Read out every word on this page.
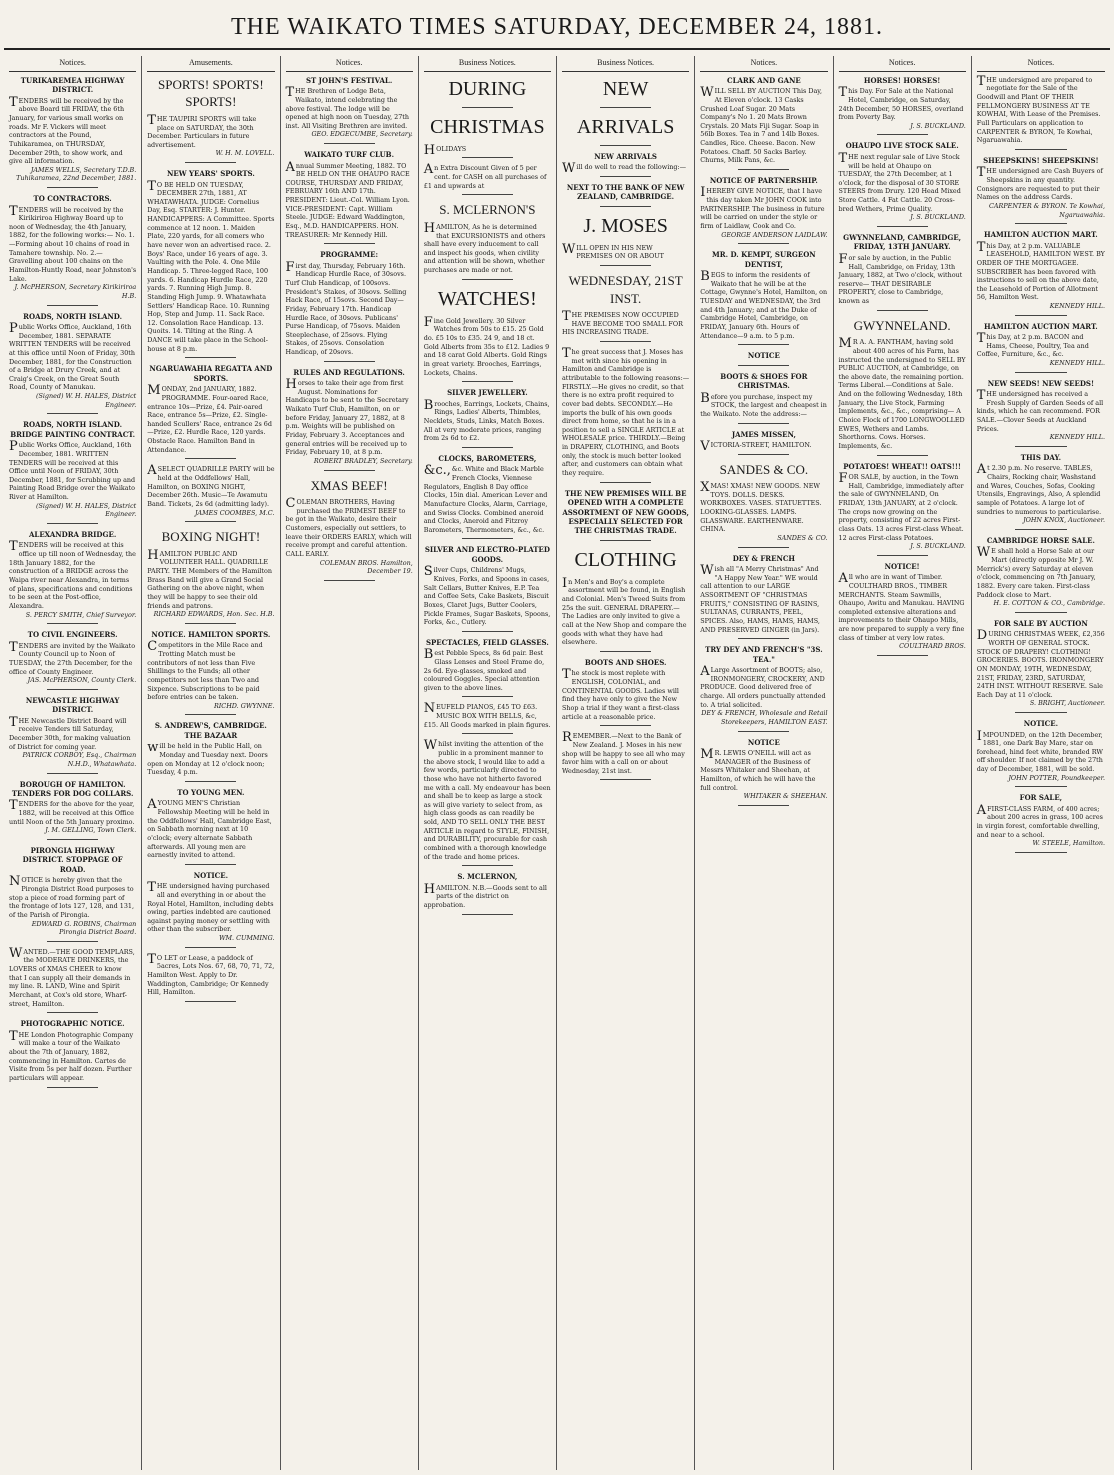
THE WAIKATO TIMES SATURDAY, DECEMBER 24, 1881.
Notices.
TURIKAREMEA HIGHWAY DISTRICT.
TENDERS will be received by the above Board till FRIDAY, the 6th January, for various small works on roads. Mr F. Vickers will meet contractors at the Pound, Tuhikaramea, on THURSDAY, December 29th, to show work, and give all information.
JAMES WELLS, Secretary T.D.B. Tuhikaramea, 22nd December, 1881.
TO CONTRACTORS.
TENDERS will be received by the Kirikiriroa Highway Board up to noon of Wednesday, the 4th January, 1882, for the following works:— No. 1.—Forming about 10 chains of road in Tamahere township. No. 2.—Gravelling about 100 chains on the Hamilton-Huntly Road, near Johnston's Lake.
J. McPHERSON, Secretary Kirikiriroa H.B.
ROADS, NORTH ISLAND.
Public Works Office, Auckland, 16th December, 1881. SEPARATE WRITTEN TENDERS will be received at this office until Noon of Friday, 30th December, 1881, for the Construction of a Bridge at Drury Creek, and at Craig's Creek, on the Great South Road, County of Manukau.
(Signed) W. H. HALES, District Engineer.
ROADS, NORTH ISLAND. BRIDGE PAINTING CONTRACT.
Public Works Office, Auckland, 16th December, 1881. WRITTEN TENDERS will be received at this Office until Noon of FRIDAY, 30th December, 1881, for Scrubbing up and Painting Road Bridge over the Waikato River at Hamilton.
(Signed) W. H. HALES, District Engineer.
ALEXANDRA BRIDGE.
TENDERS will be received at this office up till noon of Wednesday, the 18th January 1882, for the construction of a BRIDGE across the Waipa river near Alexandra, in terms of plans, specifications and conditions to be seen at the Post-office, Alexandra.
S. PERCY SMITH, Chief Surveyor.
TO CIVIL ENGINEERS.
TENDERS are invited by the Waikato County Council up to Noon of TUESDAY, the 27th December, for the office of County Engineer.
JAS. McPHERSON, County Clerk.
NEWCASTLE HIGHWAY DISTRICT.
THE Newcastle District Board will receive Tenders till Saturday, December 30th, for making valuation of District for coming year.
PATRICK CORBOY, Esq., Chairman N.H.D., Whatawhata.
BOROUGH OF HAMILTON. TENDERS FOR DOG COLLARS.
TENDERS for the above for the year, 1882, will be received at this Office until Noon of the 5th January proximo.
J. M. GELLING, Town Clerk.
PIRONGIA HIGHWAY DISTRICT. STOPPAGE OF ROAD.
NOTICE is hereby given that the Pirongia District Road purposes to stop a piece of road forming part of the frontage of lots 127, 128, and 131, of the Parish of Pirongia.
EDWARD G. ROBINS, Chairman Pirongia District Board.
WANTED.—THE GOOD TEMPLARS, the MODERATE DRINKERS, the LOVERS of XMAS CHEER to know that I can supply all their demands in my line. R. LAND, Wine and Spirit Merchant, at Cox's old store, Wharf-street, Hamilton.
PHOTOGRAPHIC NOTICE.
THE London Photographic Company will make a tour of the Waikato about the 7th of January, 1882, commencing in Hamilton. Cartes de Visite from 5s per half dozen. Further particulars will appear.
Amusements.
SPORTS! SPORTS! SPORTS!
THE TAUPIRI SPORTS will take place on SATURDAY, the 30th December. Particulars in future advertisement.
W. H. M. LOVELL.
NEW YEARS' SPORTS.
TO BE HELD ON TUESDAY, DECEMBER 27th, 1881, AT WHATAWHATA. JUDGE: Cornelius Day, Esq. STARTER: J. Hunter. HANDICAPPERS: A Committee. Sports commence at 12 noon. 1. Maiden Plate, 220 yards, for all comers who have never won an advertised race. 2. Boys' Race, under 16 years of age. 3. Vaulting with the Pole. 4. One Mile Handicap. 5. Three-legged Race, 100 yards. 6. Handicap Hurdle Race, 220 yards. 7. Running High Jump. 8. Standing High Jump. 9. Whatawhata Settlers' Handicap Race. 10. Running Hop, Step and Jump. 11. Sack Race. 12. Consolation Race Handicap. 13. Quoits. 14. Tilting at the Ring. A DANCE will take place in the School-house at 8 p.m.
NGARUAWAHIA REGATTA AND SPORTS.
MONDAY, 2nd JANUARY, 1882. PROGRAMME. Four-oared Race, entrance 10s—Prize, £4. Pair-oared Race, entrance 5s—Prize, £2. Single-handed Scullers' Race, entrance 2s 6d—Prize, £2. Hurdle Race, 120 yards. Obstacle Race. Hamilton Band in Attendance.
ASELECT QUADRILLE PARTY will be held at the Oddfellows' Hall, Hamilton, on BOXING NIGHT, December 26th. Music—Te Awamutu Band. Tickets, 2s 6d (admitting lady).
JAMES COOMBES, M.C.
BOXING NIGHT!
HAMILTON PUBLIC AND VOLUNTEER HALL. QUADRILLE PARTY. THE Members of the Hamilton Brass Band will give a Grand Social Gathering on the above night, when they will be happy to see their old friends and patrons.
RICHARD EDWARDS, Hon. Sec. H.B.
NOTICE. HAMILTON SPORTS.
Competitors in the Mile Race and Trotting Match must be contributors of not less than Five Shillings to the Funds; all other competitors not less than Two and Sixpence. Subscriptions to be paid before entries can be taken.
RICHD. GWYNNE.
S. ANDREW'S, CAMBRIDGE. THE BAZAAR
will be held in the Public Hall, on Monday and Tuesday next. Doors open on Monday at 12 o'clock noon; Tuesday, 4 p.m.
TO YOUNG MEN.
AYOUNG MEN'S Christian Fellowship Meeting will be held in the Oddfellows' Hall, Cambridge East, on Sabbath morning next at 10 o'clock; every alternate Sabbath afterwards. All young men are earnestly invited to attend.
NOTICE.
THE undersigned having purchased all and everything in or about the Royal Hotel, Hamilton, including debts owing, parties indebted are cautioned against paying money or settling with other than the subscriber.
WM. CUMMING.
TO LET or Lease, a paddock of 5acres, Lots Nos. 67, 68, 70, 71, 72, Hamilton West. Apply to Dr. Waddington, Cambridge; Or Kennedy Hill, Hamilton.
Notices.
ST JOHN'S FESTIVAL.
THE Brethren of Lodge Beta, Waikato, intend celebrating the above festival. The lodge will be opened at high noon on Tuesday, 27th inst. All Visiting Brethren are invited.
GEO. EDGECUMBE, Secretary.
WAIKATO TURF CLUB.
Annual Summer Meeting, 1882. TO BE HELD ON THE OHAUPO RACE COURSE, THURSDAY AND FRIDAY, FEBRUARY 16th AND 17th. PRESIDENT: Lieut.-Col. William Lyon. VICE-PRESIDENT: Capt. William Steele. JUDGE: Edward Waddington, Esq., M.D. HANDICAPPERS. HON. TREASURER: Mr Kennedy Hill.
PROGRAMME:
First day, Thursday, February 16th. Handicap Hurdle Race, of 30sovs. Turf Club Handicap, of 100sovs. President's Stakes, of 30sovs. Selling Hack Race, of 15sovs. Second Day—Friday, February 17th. Handicap Hurdle Race, of 30sovs. Publicans' Purse Handicap, of 75sovs. Maiden Steeplechase, of 25sovs. Flying Stakes, of 25sovs. Consolation Handicap, of 20sovs.
RULES AND REGULATIONS.
Horses to take their age from first August. Nominations for Handicaps to be sent to the Secretary Waikato Turf Club, Hamilton, on or before Friday, January 27, 1882, at 8 p.m. Weights will be published on Friday, February 3. Acceptances and general entries will be received up to Friday, February 10, at 8 p.m.
ROBERT BRADLEY, Secretary.
XMAS BEEF!
COLEMAN BROTHERS, Having purchased the PRIMEST BEEF to be got in the Waikato, desire their Customers, especially out settlers, to leave their ORDERS EARLY, which will receive prompt and careful attention. CALL EARLY.
COLEMAN BROS. Hamilton, December 19.
Business Notices.
DURING
CHRISTMAS
HOLIDAYS
An Extra Discount Given of 5 per cent. for CASH on all purchases of £1 and upwards at
S. MCLERNON'S
HAMILTON, As he is determined that EXCURSIONISTS and others shall have every inducement to call and inspect his goods, when civility and attention will be shown, whether purchases are made or not.
WATCHES!
Fine Gold Jewellery. 30 Silver Watches from 50s to £15. 25 Gold do. £5 10s to £35. 24 9, and 18 ct. Gold Alberts from 35s to £12. Ladies 9 and 18 carat Gold Alberts. Gold Rings in great variety. Brooches, Earrings, Lockets, Chains.
SILVER JEWELLERY.
Brooches, Earrings, Lockets, Chains, Rings, Ladies' Alberts, Thimbles, Necklets, Studs, Links, Match Boxes. All at very moderate prices, ranging from 2s 6d to £2.
CLOCKS, BAROMETERS,
&c.,&c. White and Black Marble French Clocks, Viennese Regulators, English 8 Day office Clocks, 15in dial. American Lever and Manufacture Clocks, Alarm, Carriage, and Swiss Clocks. Combined aneroid and Clocks, Aneroid and Fitzroy Barometers, Thermometers, &c., &c.
SILVER AND ELECTRO-PLATED GOODS.
Silver Cups, Childrens' Mugs, Knives, Forks, and Spoons in cases, Salt Cellars, Butter Knives, E.P. Tea and Coffee Sets, Cake Baskets, Biscuit Boxes, Claret Jugs, Butter Coolers, Pickle Frames, Sugar Baskets, Spoons, Forks, &c., Cutlery.
SPECTACLES, FIELD GLASSES.
Best Pebble Specs, 8s 6d pair. Best Glass Lenses and Steel Frame do, 2s 6d. Eye-glasses, smoked and coloured Goggles. Special attention given to the above lines.
NEUFELD PIANOS, £45 TO £63. MUSIC BOX WITH BELLS, &c, £15. All Goods marked in plain figures.
Whilst inviting the attention of the public in a prominent manner to the above stock, I would like to add a few words, particularly directed to those who have not hitherto favored me with a call. My endeavour has been and shall be to keep as large a stock as will give variety to select from, as high class goods as can readily be sold, AND TO SELL ONLY THE BEST ARTICLE in regard to STYLE, FINISH, and DURABILITY, procurable for cash combined with a thorough knowledge of the trade and home prices.
S. MCLERNON,
HAMILTON. N.B.—Goods sent to all parts of the district on approbation.
Business Notices.
NEW
ARRIVALS
NEW ARRIVALS
Will do well to read the following:—
NEXT TO THE BANK OF NEW ZEALAND, CAMBRIDGE.
J. MOSES
WILL OPEN IN HIS NEW PREMISES ON OR ABOUT
WEDNESDAY, 21ST INST.
THE PREMISES NOW OCCUPIED HAVE BECOME TOO SMALL FOR HIS INCREASING TRADE.
The great success that J. Moses has met with since his opening in Hamilton and Cambridge is attributable to the following reasons:— FIRSTLY.—He gives no credit, so that there is no extra profit required to cover bad debts. SECONDLY.—He imports the bulk of his own goods direct from home, so that he is in a position to sell a SINGLE ARTICLE at WHOLESALE price. THIRDLY.—Being in DRAPERY, CLOTHING, and Boots only, the stock is much better looked after, and customers can obtain what they require.
THE NEW PREMISES WILL BE OPENED WITH A COMPLETE ASSORTMENT OF NEW GOODS, ESPECIALLY SELECTED FOR THE CHRISTMAS TRADE.
CLOTHING
In Men's and Boy's a complete assortment will be found, in English and Colonial. Men's Tweed Suits from 25s the suit. GENERAL DRAPERY.—The Ladies are only invited to give a call at the New Shop and compare the goods with what they have had elsewhere.
BOOTS AND SHOES.
The stock is most replete with ENGLISH, COLONIAL, and CONTINENTAL GOODS. Ladies will find they have only to give the New Shop a trial if they want a first-class article at a reasonable price.
REMEMBER.—Next to the Bank of New Zealand. J. Moses in his new shop will be happy to see all who may favor him with a call on or about Wednesday, 21st inst.
Notices.
CLARK AND GANE
WILL SELL BY AUCTION This Day, At Eleven o'clock. 13 Casks Crushed Loaf Sugar. 20 Mats Company's No 1. 20 Mats Brown Crystals. 20 Mats Fiji Sugar. Soap in 56lb Boxes. Tea in 7 and 14lb Boxes. Candles, Rice. Cheese. Bacon. New Potatoes. Chaff. 50 Sacks Barley. Churns, Milk Pans, &c.
NOTICE OF PARTNERSHIP.
IHEREBY GIVE NOTICE, that I have this day taken Mr JOHN COOK into PARTNERSHIP. The business in future will be carried on under the style or firm of Laidlaw, Cook and Co.
GEORGE ANDERSON LAIDLAW.
MR. D. KEMPT, SURGEON DENTIST,
BEGS to inform the residents of Waikato that he will be at the Cottage, Gwynne's Hotel, Hamilton, on TUESDAY and WEDNESDAY, the 3rd and 4th January; and at the Duke of Cambridge Hotel, Cambridge, on FRIDAY, January 6th. Hours of Attendance—9 a.m. to 5 p.m.
NOTICE
BOOTS & SHOES FOR CHRISTMAS.
Before you purchase, inspect my STOCK, the largest and cheapest in the Waikato. Note the address:—
JAMES MISSEN,
VICTORIA-STREET, HAMILTON.
SANDES & CO.
XMAS! XMAS! NEW GOODS. NEW TOYS. DOLLS. DESKS. WORKBOXES. VASES. STATUETTES. LOOKING-GLASSES. LAMPS. GLASSWARE. EARTHENWARE. CHINA.
SANDES & CO.
DEY & FRENCH
Wish all "A Merry Christmas" And "A Happy New Year." WE would call attention to our LARGE ASSORTMENT OF "CHRISTMAS FRUITS," CONSISTING OF RASINS, SULTANAS, CURRANTS, PEEL, SPICES. Also, HAMS, HAMS, HAMS, AND PRESERVED GINGER (in Jars).
TRY DEY AND FRENCH'S "3S. TEA."
ALarge Assortment of BOOTS; also, IRONMONGERY, CROCKERY, AND PRODUCE. Good delivered free of charge. All orders punctually attended to. A trial solicited.
DEY & FRENCH, Wholesale and Retail Storekeepers, HAMILTON EAST.
NOTICE
MR. LEWIS O'NEILL will act as MANAGER of the Business of Messrs Whitaker and Sheehan, at Hamilton, of which he will have the full control.
WHITAKER & SHEEHAN.
Notices.
HORSES! HORSES!
This Day. For Sale at the National Hotel, Cambridge, on Saturday, 24th December, 50 HORSES, overland from Poverty Bay.
J. S. BUCKLAND.
OHAUPO LIVE STOCK SALE.
THE next regular sale of Live Stock will be held at Ohaupo on TUESDAY, the 27th December, at 1 o'clock, for the disposal of 30 STORE STEERS from Drury. 120 Head Mixed Store Cattle. 4 Fat Cattle. 20 Cross-bred Wethers, Prime Quality.
J. S. BUCKLAND.
GWYNNELAND, CAMBRIDGE, FRIDAY, 13TH JANUARY.
For sale by auction, in the Public Hall, Cambridge, on Friday, 13th January, 1882, at Two o'clock, without reserve— THAT DESIRABLE PROPERTY, close to Cambridge, known as
GWYNNELAND.
MR A. A. FANTHAM, having sold about 400 acres of his Farm, has instructed the undersigned to SELL BY PUBLIC AUCTION, at Cambridge, on the above date, the remaining portion. Terms Liberal.—Conditions at Sale. And on the following Wednesday, 18th January, the Live Stock, Farming Implements, &c., &c., comprising— A Choice Flock of 1700 LONGWOOLLED EWES, Wethers and Lambs. Shorthorns. Cows. Horses. Implements, &c.
POTATOES! WHEAT!! OATS!!!
FOR SALE, by auction, in the Town Hall, Cambridge, immediately after the sale of GWYNNELAND, On FRIDAY, 13th JANUARY, at 2 o'clock. The crops now growing on the property, consisting of 22 acres First-class Oats. 13 acres First-class Wheat. 12 acres First-class Potatoes.
J. S. BUCKLAND.
NOTICE!
All who are in want of Timber. COULTHARD BROS., TIMBER MERCHANTS. Steam Sawmills, Ohaupo, Awitu and Manukau. HAVING completed extensive alterations and improvements to their Ohaupo Mills, are now prepared to supply a very fine class of timber at very low rates.
COULTHARD BROS.
Notices.
THE undersigned are prepared to negotiate for the Sale of the Goodwill and Plant OF THEIR FELLMONGERY BUSINESS AT TE KOWHAI, With Lease of the Premises. Full Particulars on application to CARPENTER & BYRON, Te Kowhai, Ngaruawahia.
SHEEPSKINS! SHEEPSKINS!
THE undersigned are Cash Buyers of Sheepskins in any quantity. Consignors are requested to put their Names on the address Cards.
CARPENTER & BYRON. Te Kowhai, Ngaruawahia.
HAMILTON AUCTION MART.
This Day, at 2 p.m. VALUABLE LEASEHOLD, HAMILTON WEST. BY ORDER OF THE MORTGAGEE. SUBSCRIBER has been favored with instructions to sell on the above date, the Leasehold of Portion of Allotment 56, Hamilton West.
KENNEDY HILL.
HAMILTON AUCTION MART.
This Day, at 2 p.m. BACON and Hams, Cheese, Poultry, Tea and Coffee, Furniture, &c., &c.
KENNEDY HILL.
NEW SEEDS! NEW SEEDS!
THE undersigned has received a Fresh Supply of Garden Seeds of all kinds, which he can recommend. FOR SALE.—Clover Seeds at Auckland Prices.
KENNEDY HILL.
THIS DAY.
At 2.30 p.m. No reserve. TABLES, Chairs, Rocking chair, Washstand and Wares, Couches, Sofas, Cooking Utensils, Engravings, Also, A splendid sample of Potatoes. A large lot of sundries to numerous to particularise.
JOHN KNOX, Auctioneer.
CAMBRIDGE HORSE SALE.
WE shall hold a Horse Sale at our Mart (directly opposite Mr J. W. Merrick's) every Saturday at eleven o'clock, commencing on 7th January, 1882. Every care taken. First-class Paddock close to Mart.
H. E. COTTON & CO., Cambridge.
FOR SALE BY AUCTION
DURING CHRISTMAS WEEK, £2,356 WORTH OF GENERAL STOCK. STOCK OF DRAPERY! CLOTHING! GROCERIES. BOOTS. IRONMONGERY ON MONDAY, 19TH, WEDNESDAY, 21ST, FRIDAY, 23RD, SATURDAY, 24TH INST. WITHOUT RESERVE. Sale Each Day at 11 o'clock.
S. BRIGHT, Auctioneer.
NOTICE.
IMPOUNDED, on the 12th December, 1881, one Dark Bay Mare, star on forehead, hind feet white, branded RW off shoulder. If not claimed by the 27th day of December, 1881, will be sold.
JOHN POTTER, Poundkeeper.
FOR SALE,
AFIRST-CLASS FARM, of 400 acres; about 200 acres in grass, 100 acres in virgin forest, comfortable dwelling, and near to a school.
W. STEELE, Hamilton.
